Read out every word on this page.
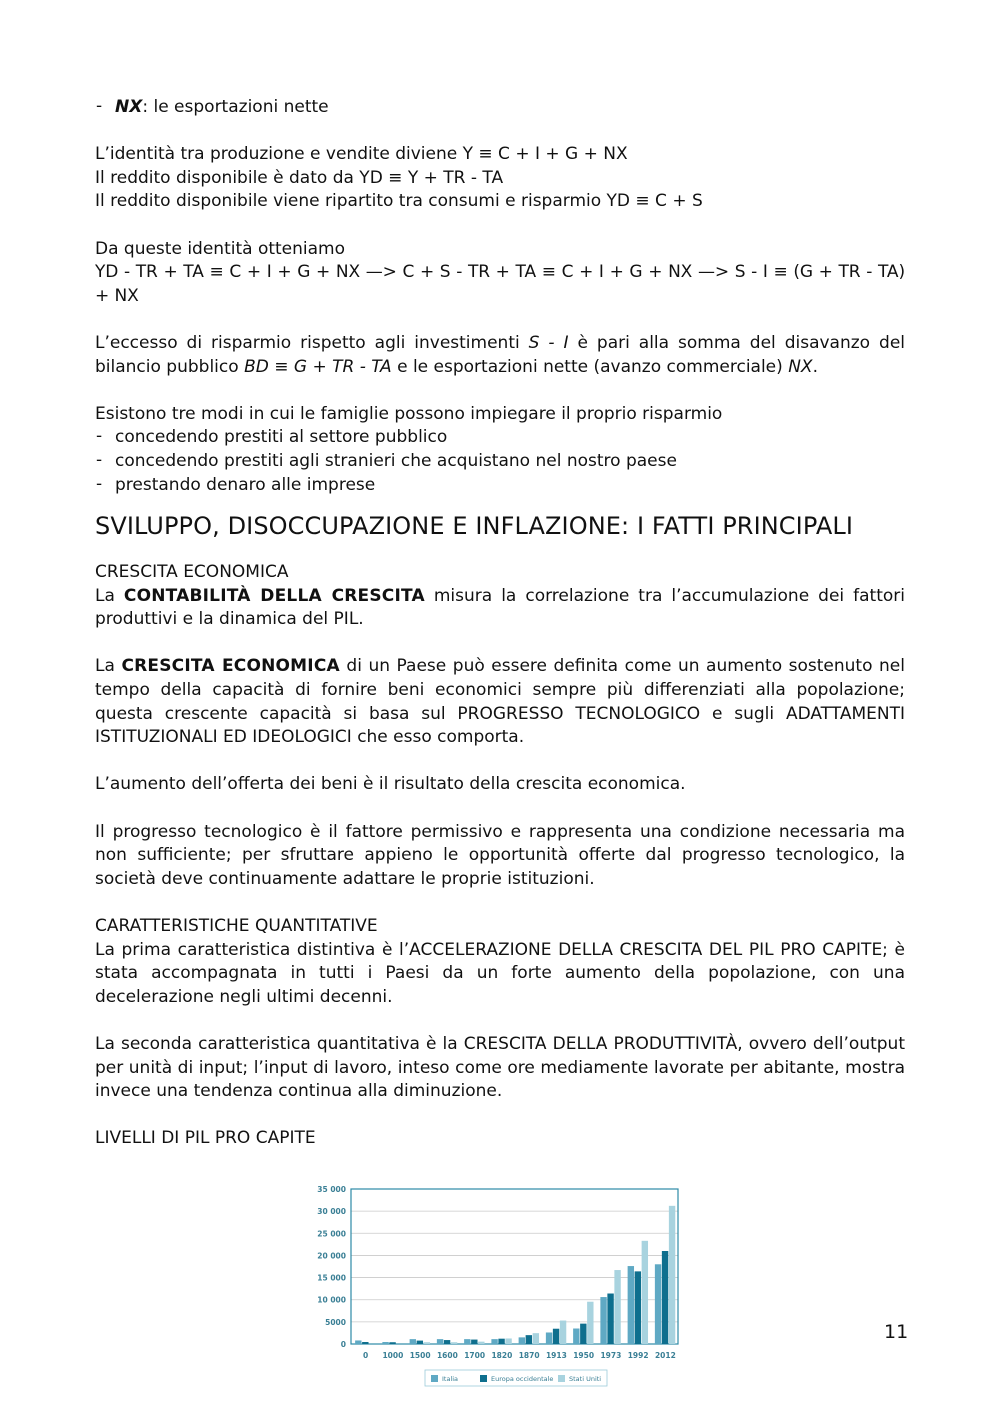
- NX: le esportazioni nette
L’identità tra produzione e vendite diviene Y ≡ C + I + G + NX
Il reddito disponibile è dato da YD ≡ Y + TR - TA
Il reddito disponibile viene ripartito tra consumi e risparmio YD ≡ C + S
Da queste identità otteniamo
YD - TR + TA ≡ C + I + G + NX —> C + S - TR + TA ≡ C + I + G + NX —> S - I ≡ (G + TR - TA) + NX

L’eccesso di risparmio rispetto agli investimenti S - I è pari alla somma del disavanzo del bilancio pubblico BD ≡ G + TR - TA e le esportazioni nette (avanzo commerciale) NX.

Esistono tre modi in cui le famiglie possono impiegare il proprio risparmio
- concedendo prestiti al settore pubblico
- concedendo prestiti agli stranieri che acquistano nel nostro paese
- prestando denaro alle imprese
SVILUPPO, DISOCCUPAZIONE E INFLAZIONE: I FATTI PRINCIPALI

CRESCITA ECONOMICA
La CONTABILITÀ DELLA CRESCITA misura la correlazione tra l’accumulazione dei fattori produttivi e la dinamica del PIL.

La CRESCITA ECONOMICA di un Paese può essere definita come un aumento sostenuto nel tempo della capacità di fornire beni economici sempre più differenziati alla popolazione; questa crescente capacità si basa sul PROGRESSO TECNOLOGICO e sugli ADATTAMENTI ISTITUZIONALI ED IDEOLOGICI che esso comporta.

L’aumento dell’offerta dei beni è il risultato della crescita economica.

Il progresso tecnologico è il fattore permissivo e rappresenta una condizione necessaria ma non sufficiente; per sfruttare appieno le opportunità offerte dal progresso tecnologico, la società deve continuamente adattare le proprie istituzioni.

CARATTERISTICHE QUANTITATIVE
La prima caratteristica distintiva è l’ACCELERAZIONE DELLA CRESCITA DEL PIL PRO CAPITE; è stata accompagnata in tutti i Paesi da un forte aumento della popolazione, con una decelerazione negli ultimi decenni.

La seconda caratteristica quantitativa è la CRESCITA DELLA PRODUTTIVITÀ, ovvero dell’output per unità di input; l’input di lavoro, inteso come ore mediamente lavorate per abitante, mostra invece una tendenza continua alla diminuzione.

LIVELLI DI PIL PRO CAPITE

0
5000
10 000
15 000
20 000
25 000
30 000
35 000
0 1000 1500 1600 1700 1820 1870 1913 1950 1973 1992 2012
Italia	Europa occidentale Stati Uniti
11
